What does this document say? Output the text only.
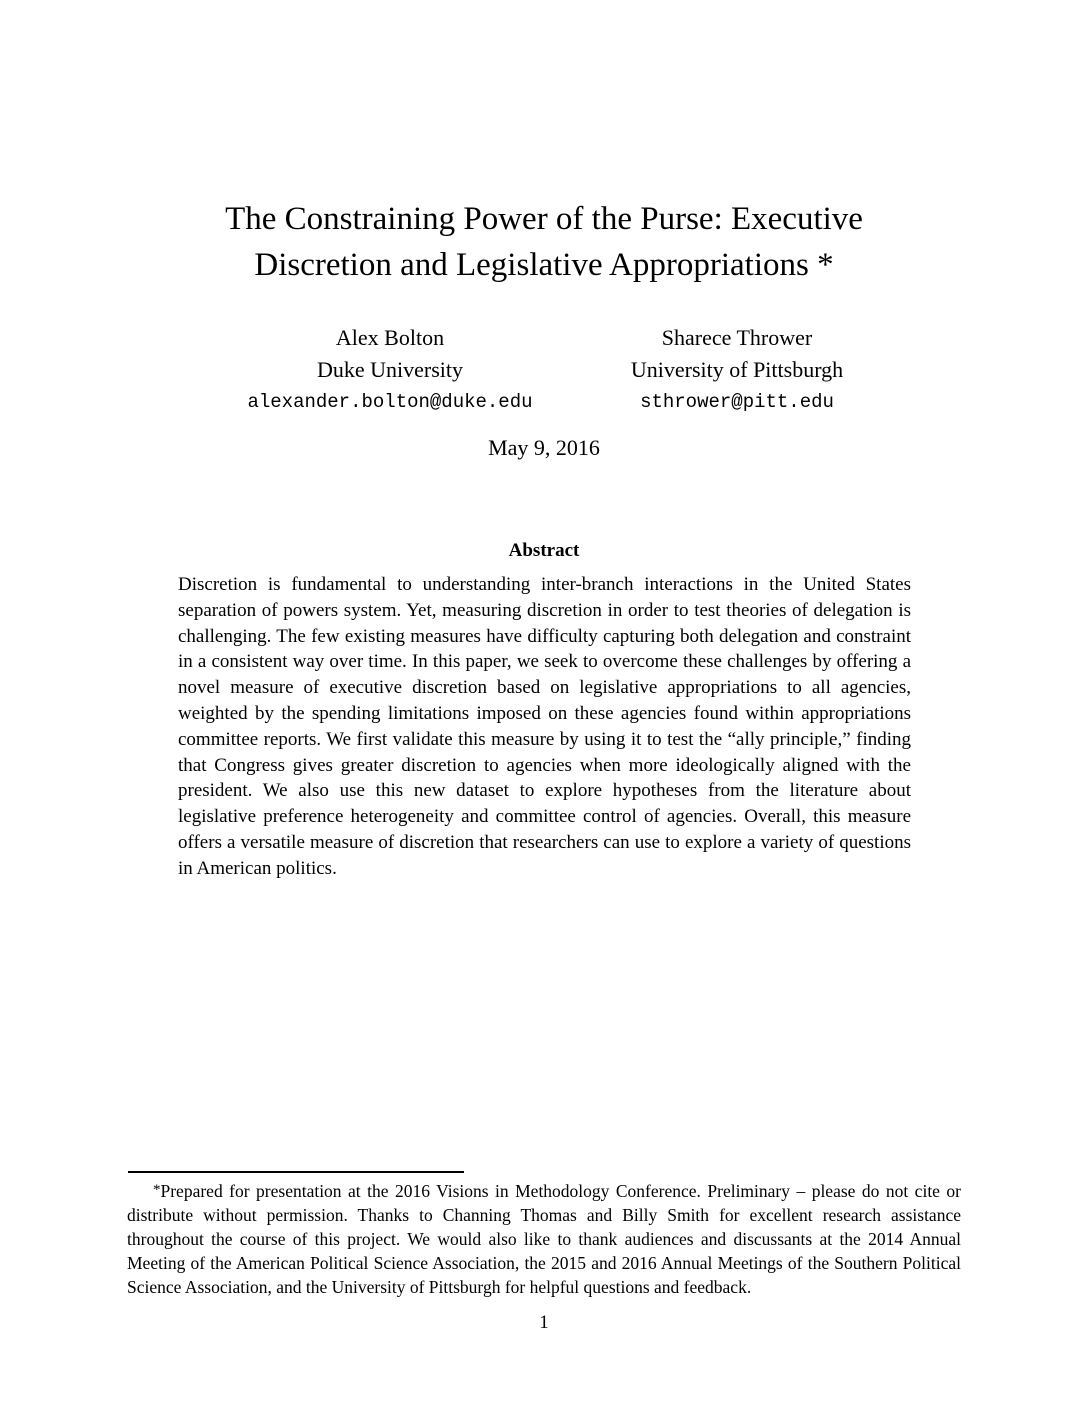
The Constraining Power of the Purse: Executive
Discretion and Legislative Appropriations *
Alex Bolton
Duke University
alexander.bolton@duke.edu
Sharece Thrower
University of Pittsburgh
sthrower@pitt.edu
May 9, 2016
Abstract

Discretion is fundamental to understanding inter-branch interactions in the United States separation of powers system. Yet, measuring discretion in order to test theories of delegation is challenging. The few existing measures have difficulty capturing both delegation and constraint in a consistent way over time. In this paper, we seek to overcome these challenges by offering a novel measure of executive discretion based on legislative appropriations to all agencies, weighted by the spending limitations imposed on these agencies found within appropriations committee reports. We first validate this measure by using it to test the “ally principle,” finding that Congress gives greater discretion to agencies when more ideologically aligned with the president. We also use this new dataset to explore hypotheses from the literature about legislative preference heterogeneity and committee control of agencies. Overall, this measure offers a versatile measure of discretion that researchers can use to explore a variety of questions in American politics.

*Prepared for presentation at the 2016 Visions in Methodology Conference. Preliminary – please do not cite or distribute without permission. Thanks to Channing Thomas and Billy Smith for excellent research assistance throughout the course of this project. We would also like to thank audiences and discussants at the 2014 Annual Meeting of the American Political Science Association, the 2015 and 2016 Annual Meetings of the Southern Political Science Association, and the University of Pittsburgh for helpful questions and feedback.

1
